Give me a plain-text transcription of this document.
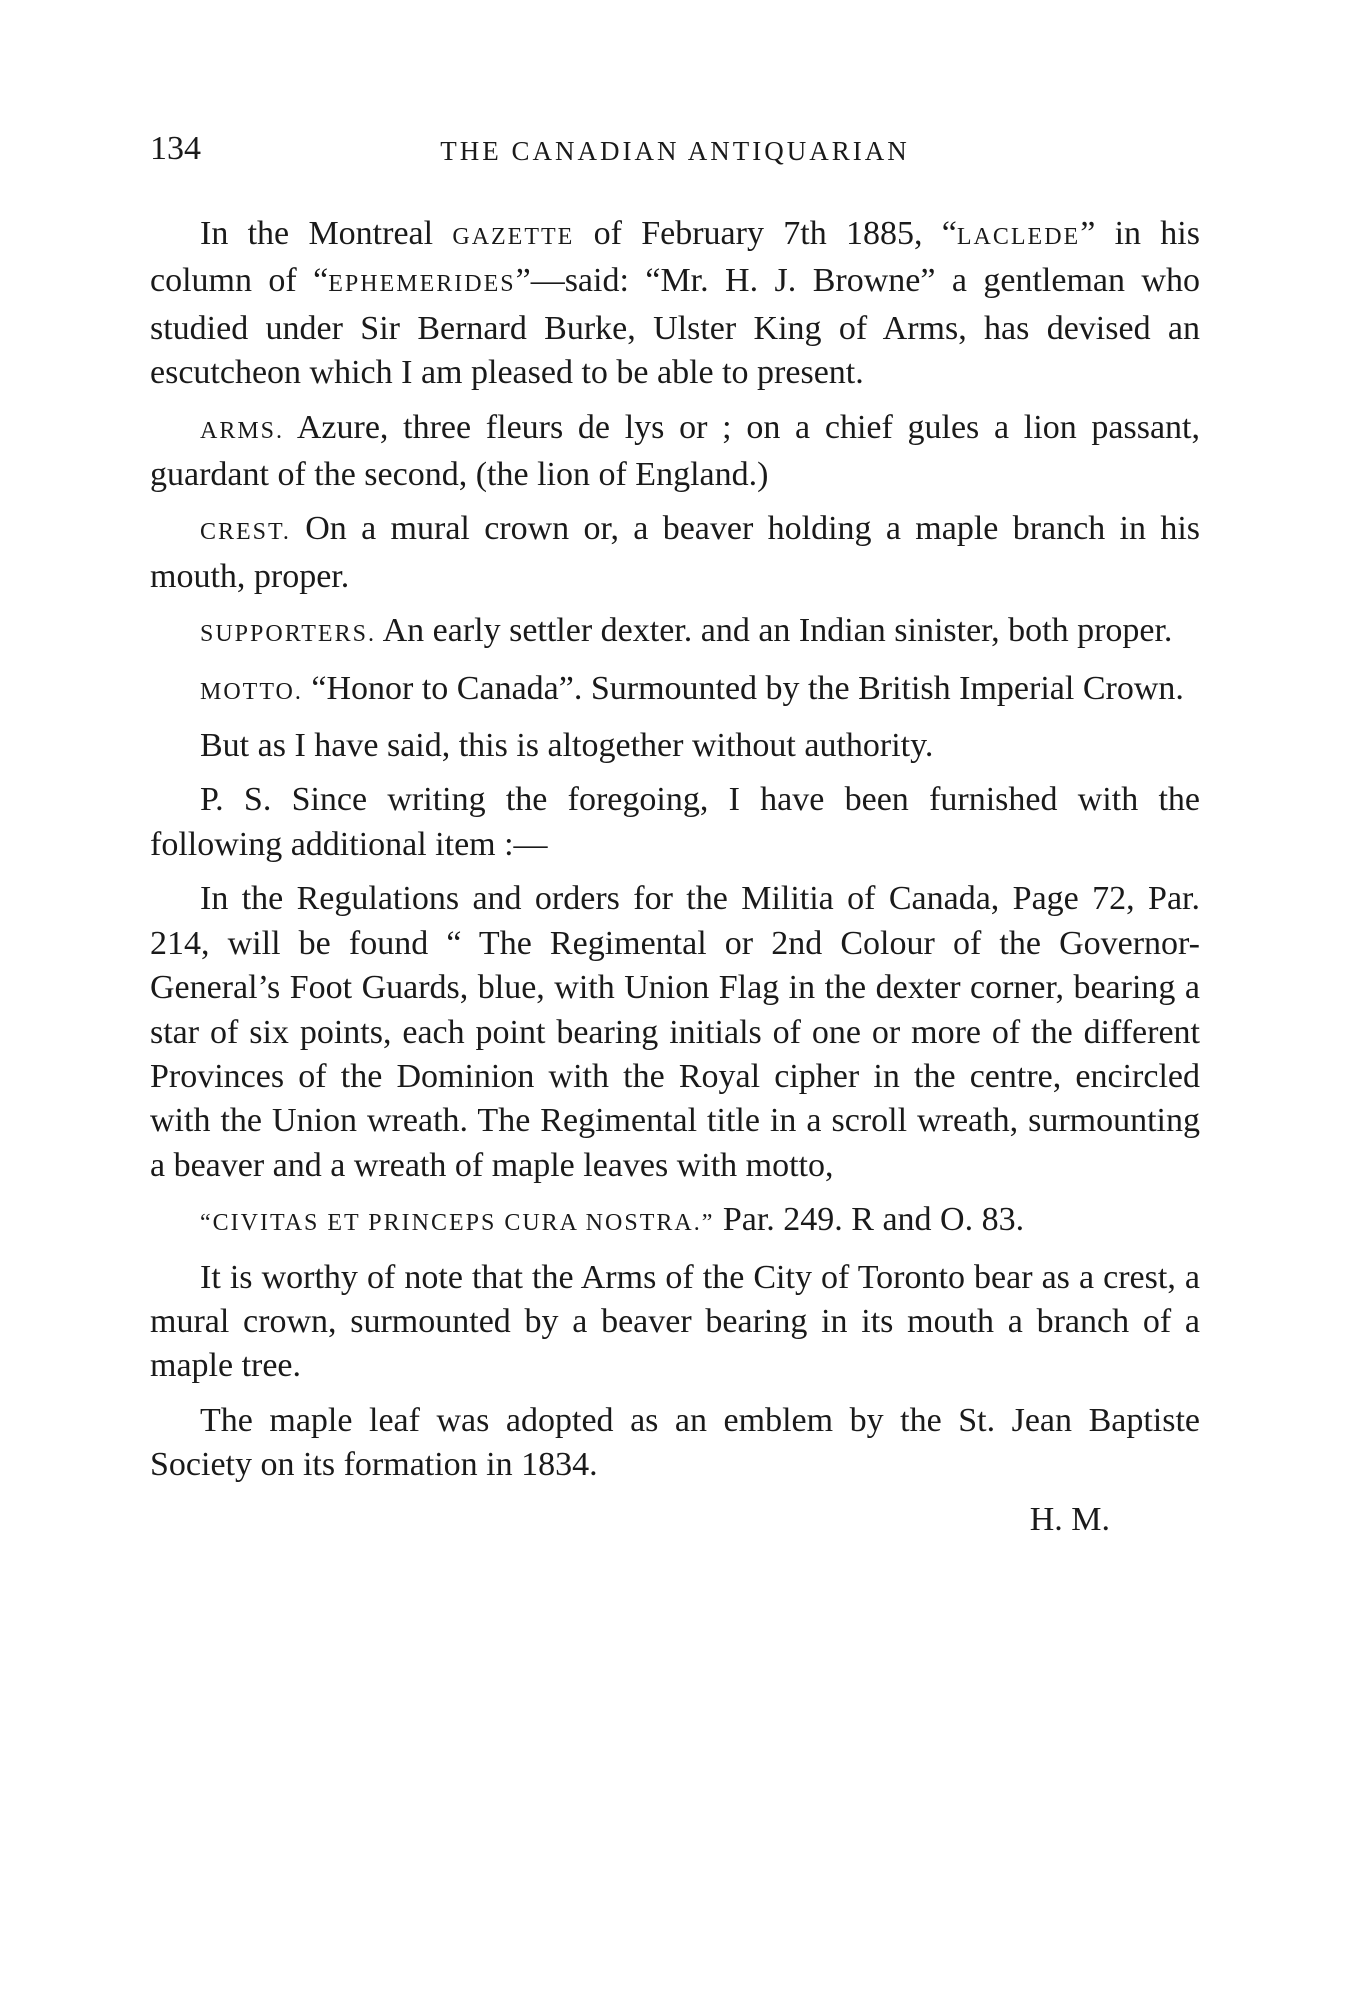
134	THE CANADIAN ANTIQUARIAN

In the Montreal GAZETTE of February 7th 1885, “LACLEDE” in his column of “EPHEMERIDES”—said: “Mr. H. J. Browne” a gentleman who studied under Sir Bernard Burke, Ulster King of Arms, has devised an escutcheon which I am pleased to be able to present.

ARMS. Azure, three fleurs de lys or ; on a chief gules a lion passant, guardant of the second, (the lion of England.)

CREST. On a mural crown or, a beaver holding a maple branch in his mouth, proper.

SUPPORTERS. An early settler dexter. and an Indian sinister, both proper.

MOTTO. “Honor to Canada”. Surmounted by the British Imperial Crown.

But as I have said, this is altogether without authority.

P. S. Since writing the foregoing, I have been furnished with the following additional item :—

In the Regulations and orders for the Militia of Canada, Page 72, Par. 214, will be found “ The Regimental or 2nd Colour of the Governor-General’s Foot Guards, blue, with Union Flag in the dexter corner, bearing a star of six points, each point bearing initials of one or more of the different Provinces of the Dominion with the Royal cipher in the centre, encircled with the Union wreath. The Regimental title in a scroll wreath, surmounting a beaver and a wreath of maple leaves with motto,

“CIVITAS ET PRINCEPS CURA NOSTRA.” Par. 249. R and O. 83.

It is worthy of note that the Arms of the City of Toronto bear as a crest, a mural crown, surmounted by a beaver bearing in its mouth a branch of a maple tree.

The maple leaf was adopted as an emblem by the St. Jean Baptiste Society on its formation in 1834.

H. M.
